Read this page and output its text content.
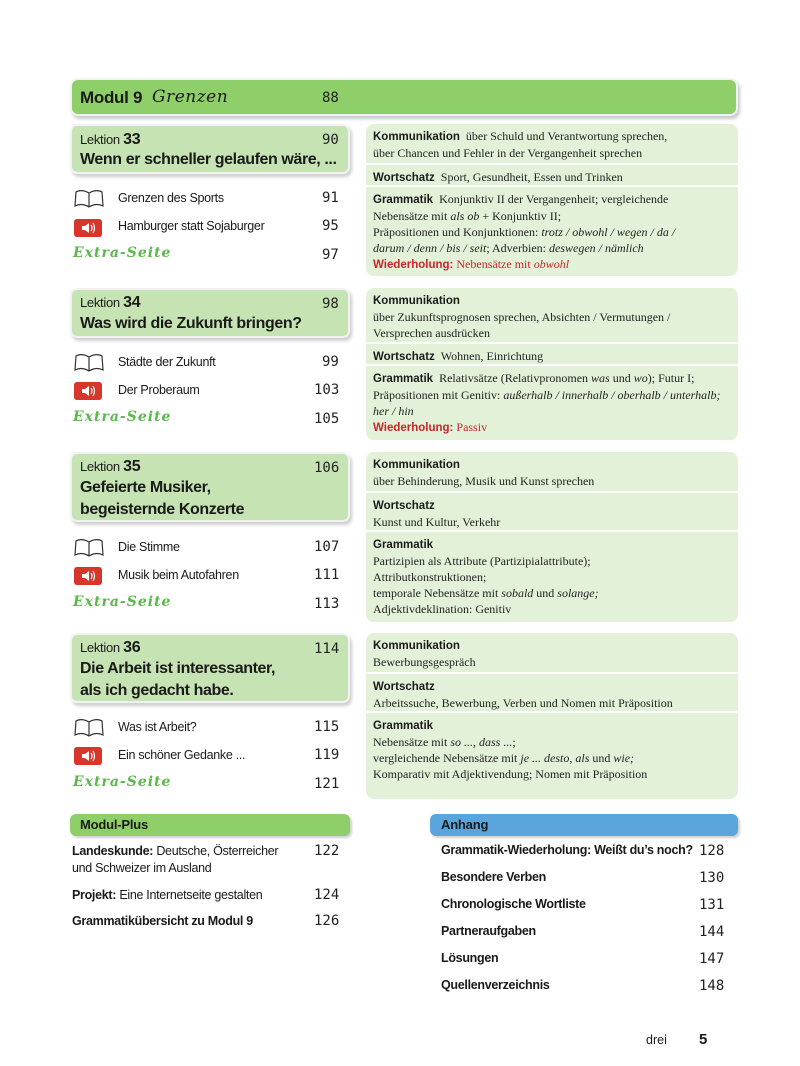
Modul 9 Grenzen	88
Lektion 33	90
Wenn er schneller gelaufen wäre, ...
Grenzen des Sports	91
Hamburger statt Sojaburger	95
Extra-Seite	97
Kommunikation über Schuld und Verantwortung sprechen,
über Chancen und Fehler in der Vergangenheit sprechen
Wortschatz Sport, Gesundheit, Essen und Trinken
Grammatik Konjunktiv II der Vergangenheit; vergleichende
Nebensätze mit als ob + Konjunktiv II;
Präpositionen und Konjunktionen: trotz / obwohl / wegen / da /
darum / denn / bis / seit; Adverbien: deswegen / nämlich
Wiederholung: Nebensätze mit obwohl
Lektion 34	98
Was wird die Zukunft bringen?
Städte der Zukunft	99
Der Proberaum	103
Extra-Seite	105
Kommunikation
über Zukunftsprognosen sprechen, Absichten / Vermutungen /
Versprechen ausdrücken
Wortschatz Wohnen, Einrichtung
Grammatik Relativsätze (Relativpronomen was und wo); Futur I;
Präpositionen mit Genitiv: außerhalb / innerhalb / oberhalb / unterhalb;
her / hin
Wiederholung: Passiv
Lektion 35	106
Gefeierte Musiker,
begeisternde Konzerte
Die Stimme	107
Musik beim Autofahren	111
Extra-Seite	113
Kommunikation
über Behinderung, Musik und Kunst sprechen
Wortschatz
Kunst und Kultur, Verkehr
Grammatik
Partizipien als Attribute (Partizipialattribute);
Attributkonstruktionen;
temporale Nebensätze mit sobald und solange;
Adjektivdeklination: Genitiv
Lektion 36	114
Die Arbeit ist interessanter,
als ich gedacht habe.
Was ist Arbeit?	115
Ein schöner Gedanke ...	119
Extra-Seite	121
Kommunikation
Bewerbungsgespräch
Wortschatz
Arbeitssuche, Bewerbung, Verben und Nomen mit Präposition
Grammatik
Nebensätze mit so ..., dass ...;
vergleichende Nebensätze mit je ... desto, als und wie;
Komparativ mit Adjektivendung; Nomen mit Präposition
Modul-Plus
Landeskunde: Deutsche, Österreicher
und Schweizer im Ausland
122
Projekt: Eine Internetseite gestalten	124
Grammatikübersicht zu Modul 9	126
Anhang
Grammatik-Wiederholung: Weißt du’s noch? 128
Besondere Verben	130
Chronologische Wortliste	131
Partneraufgaben	144
Lösungen	147
Quellenverzeichnis	148
drei 5
